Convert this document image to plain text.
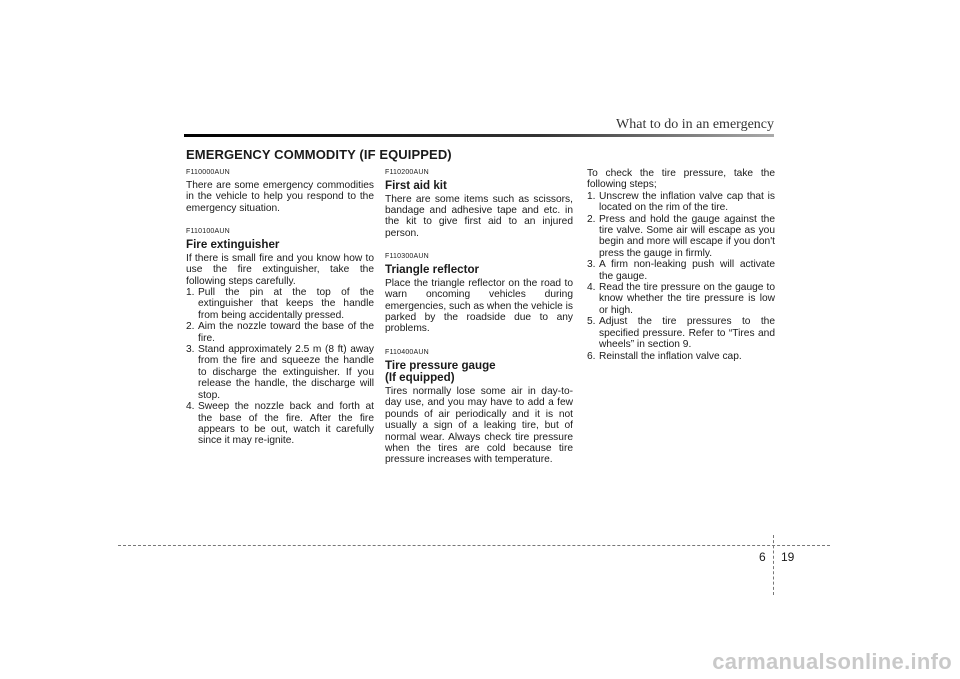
What to do in an emergency
EMERGENCY COMMODITY (IF EQUIPPED)

F110000AUN

There are some emergency commodities in the vehicle to help you respond to the emergency situation.

F110100AUN

Fire extinguisher

If there is small fire and you know how to use the fire extinguisher, take the following steps carefully.

1. Pull the pin at the top of the extinguisher that keeps the handle from being accidentally pressed.
2. Aim the nozzle toward the base of the fire.
3. Stand approximately 2.5 m (8 ft) away from the fire and squeeze the handle to discharge the extinguisher. If you release the handle, the discharge will stop.
4. Sweep the nozzle back and forth at the base of the fire. After the fire appears to be out, watch it carefully since it may re-ignite.

F110200AUN

First aid kit

There are some items such as scissors, bandage and adhesive tape and etc. in the kit to give first aid to an injured person.

F110300AUN

Triangle reflector

Place the triangle reflector on the road to warn oncoming vehicles during emergencies, such as when the vehicle is parked by the roadside due to any problems.

F110400AUN

Tire pressure gauge

(If equipped)

Tires normally lose some air in day-to-day use, and you may have to add a few pounds of air periodically and it is not usually a sign of a leaking tire, but of normal wear. Always check tire pressure when the tires are cold because tire pressure increases with temperature.

To check the tire pressure, take the following steps;

1. Unscrew the inflation valve cap that is located on the rim of the tire.
2. Press and hold the gauge against the tire valve. Some air will escape as you begin and more will escape if you don't press the gauge in firmly.
3. A firm non-leaking push will activate the gauge.
4. Read the tire pressure on the gauge to know whether the tire pressure is low or high.
5. Adjust the tire pressures to the specified pressure. Refer to “Tires and wheels” in section 9.
6. Reinstall the inflation valve cap.
6 19
carmanualsonline.info
